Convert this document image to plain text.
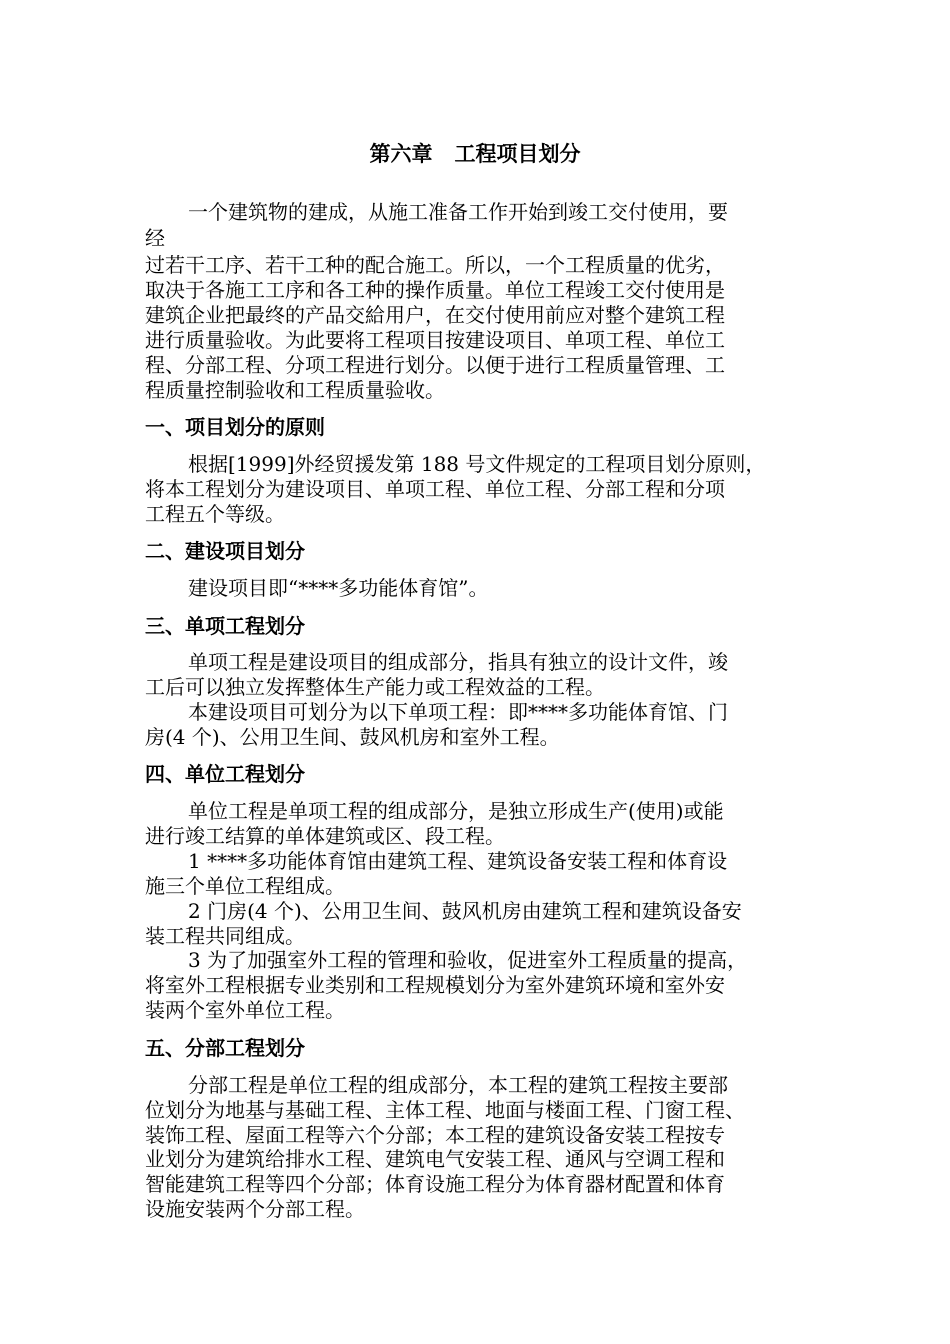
第六章   工程项目划分
一个建筑物的建成，从施工准备工作开始到竣工交付使用，要
经
过若干工序、若干工种的配合施工。所以，一个工程质量的优劣，
取决于各施工工序和各工种的操作质量。单位工程竣工交付使用是
建筑企业把最终的产品交給用户，在交付使用前应对整个建筑工程
进行质量验收。为此要将工程项目按建设项目、单项工程、单位工
程、分部工程、分项工程进行划分。以便于进行工程质量管理、工
程质量控制验收和工程质量验收。
一、项目划分的原则
根据[1999]外经贸援发第 188 号文件规定的工程项目划分原则，
将本工程划分为建设项目、单项工程、单位工程、分部工程和分项
工程五个等级。
二、建设项目划分
建设项目即“****多功能体育馆”。
三、单项工程划分
单项工程是建设项目的组成部分，指具有独立的设计文件，竣
工后可以独立发挥整体生产能力或工程效益的工程。
本建设项目可划分为以下单项工程：即****多功能体育馆、门
房(4 个)、公用卫生间、鼓风机房和室外工程。
四、单位工程划分
单位工程是单项工程的组成部分，是独立形成生产(使用)或能
进行竣工结算的单体建筑或区、段工程。
1 ****多功能体育馆由建筑工程、建筑设备安装工程和体育设
施三个单位工程组成。
2 门房(4 个)、公用卫生间、鼓风机房由建筑工程和建筑设备安
装工程共同组成。
3 为了加强室外工程的管理和验收，促进室外工程质量的提高，
将室外工程根据专业类别和工程规模划分为室外建筑环境和室外安
装两个室外单位工程。
五、分部工程划分
分部工程是单位工程的组成部分，本工程的建筑工程按主要部
位划分为地基与基础工程、主体工程、地面与楼面工程、门窗工程、
装饰工程、屋面工程等六个分部；本工程的建筑设备安装工程按专
业划分为建筑给排水工程、建筑电气安装工程、通风与空调工程和
智能建筑工程等四个分部；体育设施工程分为体育器材配置和体育
设施安装两个分部工程。
